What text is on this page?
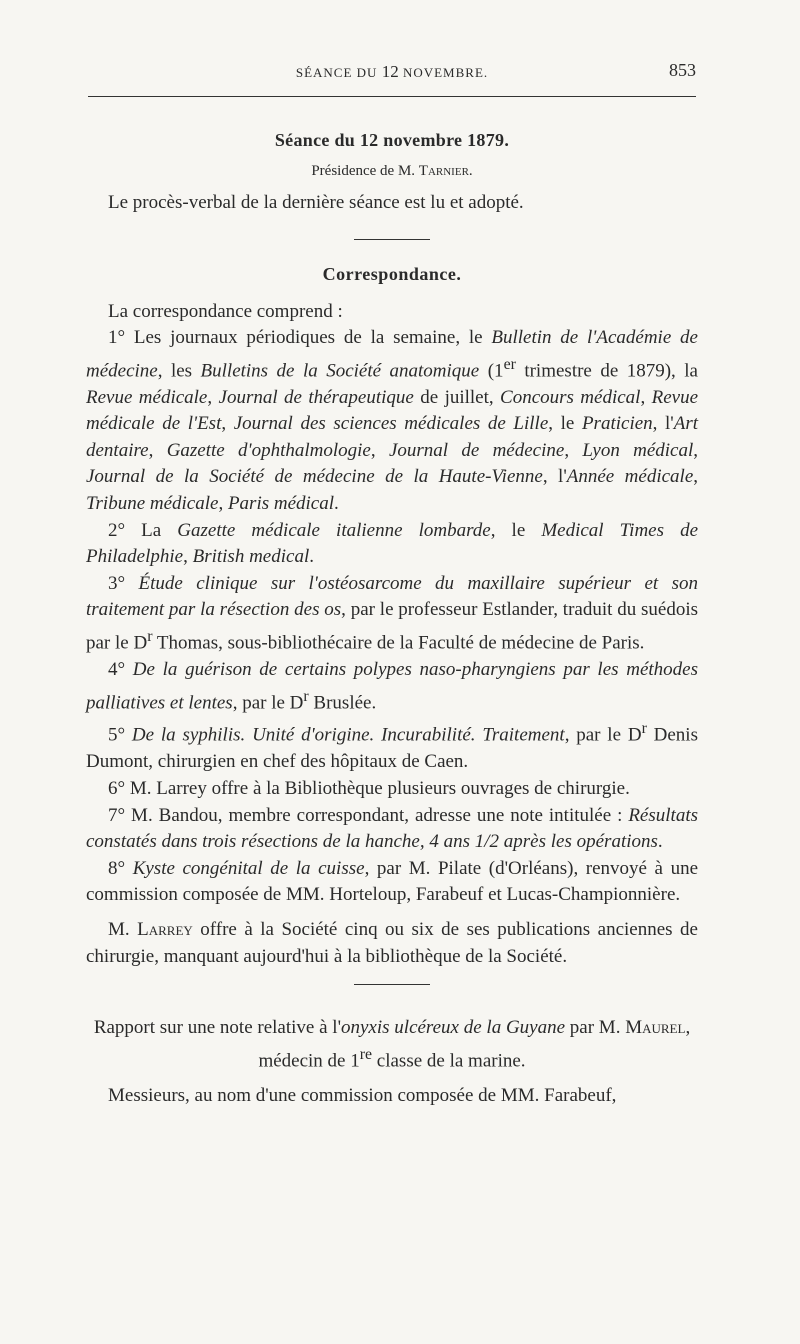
SÉANCE DU 12 NOVEMBRE.	853
Séance du 12 novembre 1879.
Présidence de M. Tarnier.

Le procès-verbal de la dernière séance est lu et adopté.

Correspondance.

La correspondance comprend :

1° Les journaux périodiques de la semaine, le Bulletin de l'Académie de médecine, les Bulletins de la Société anatomique (1er trimestre de 1879), la Revue médicale, Journal de thérapeutique de juillet, Concours médical, Revue médicale de l'Est, Journal des sciences médicales de Lille, le Praticien, l'Art dentaire, Gazette d'ophthalmologie, Journal de médecine, Lyon médical, Journal de la Société de médecine de la Haute-Vienne, l'Année médicale, Tribune médicale, Paris médical.

2° La Gazette médicale italienne lombarde, le Medical Times de Philadelphie, British medical.

3° Étude clinique sur l'ostéosarcome du maxillaire supérieur et son traitement par la résection des os, par le professeur Estlander, traduit du suédois par le $D^r$ Thomas, sous-bibliothécaire de la Faculté de médecine de Paris.

4° De la guérison de certains polypes naso-pharyngiens par les méthodes palliatives et lentes, par le $D^r$ Bruslée.

5° De la syphilis. Unité d'origine. Incurabilité. Traitement, par le $D^r$ Denis Dumont, chirurgien en chef des hôpitaux de Caen.

6° M. Larrey offre à la Bibliothèque plusieurs ouvrages de chirurgie.

7° M. Bandou, membre correspondant, adresse une note intitulée : Résultats constatés dans trois résections de la hanche, 4 ans 1/2 après les opérations.

8° Kyste congénital de la cuisse, par M. Pilate (d'Orléans), renvoyé à une commission composée de MM. Horteloup, Farabeuf et Lucas-Championnière.

M. Larrey offre à la Société cinq ou six de ses publications anciennes de chirurgie, manquant aujourd'hui à la bibliothèque de la Société.

Rapport sur une note relative à l'onyxis ulcéreux de la Guyane par M. Maurel, médecin de 1re classe de la marine.

Messieurs, au nom d'une commission composée de MM. Farabeuf,
